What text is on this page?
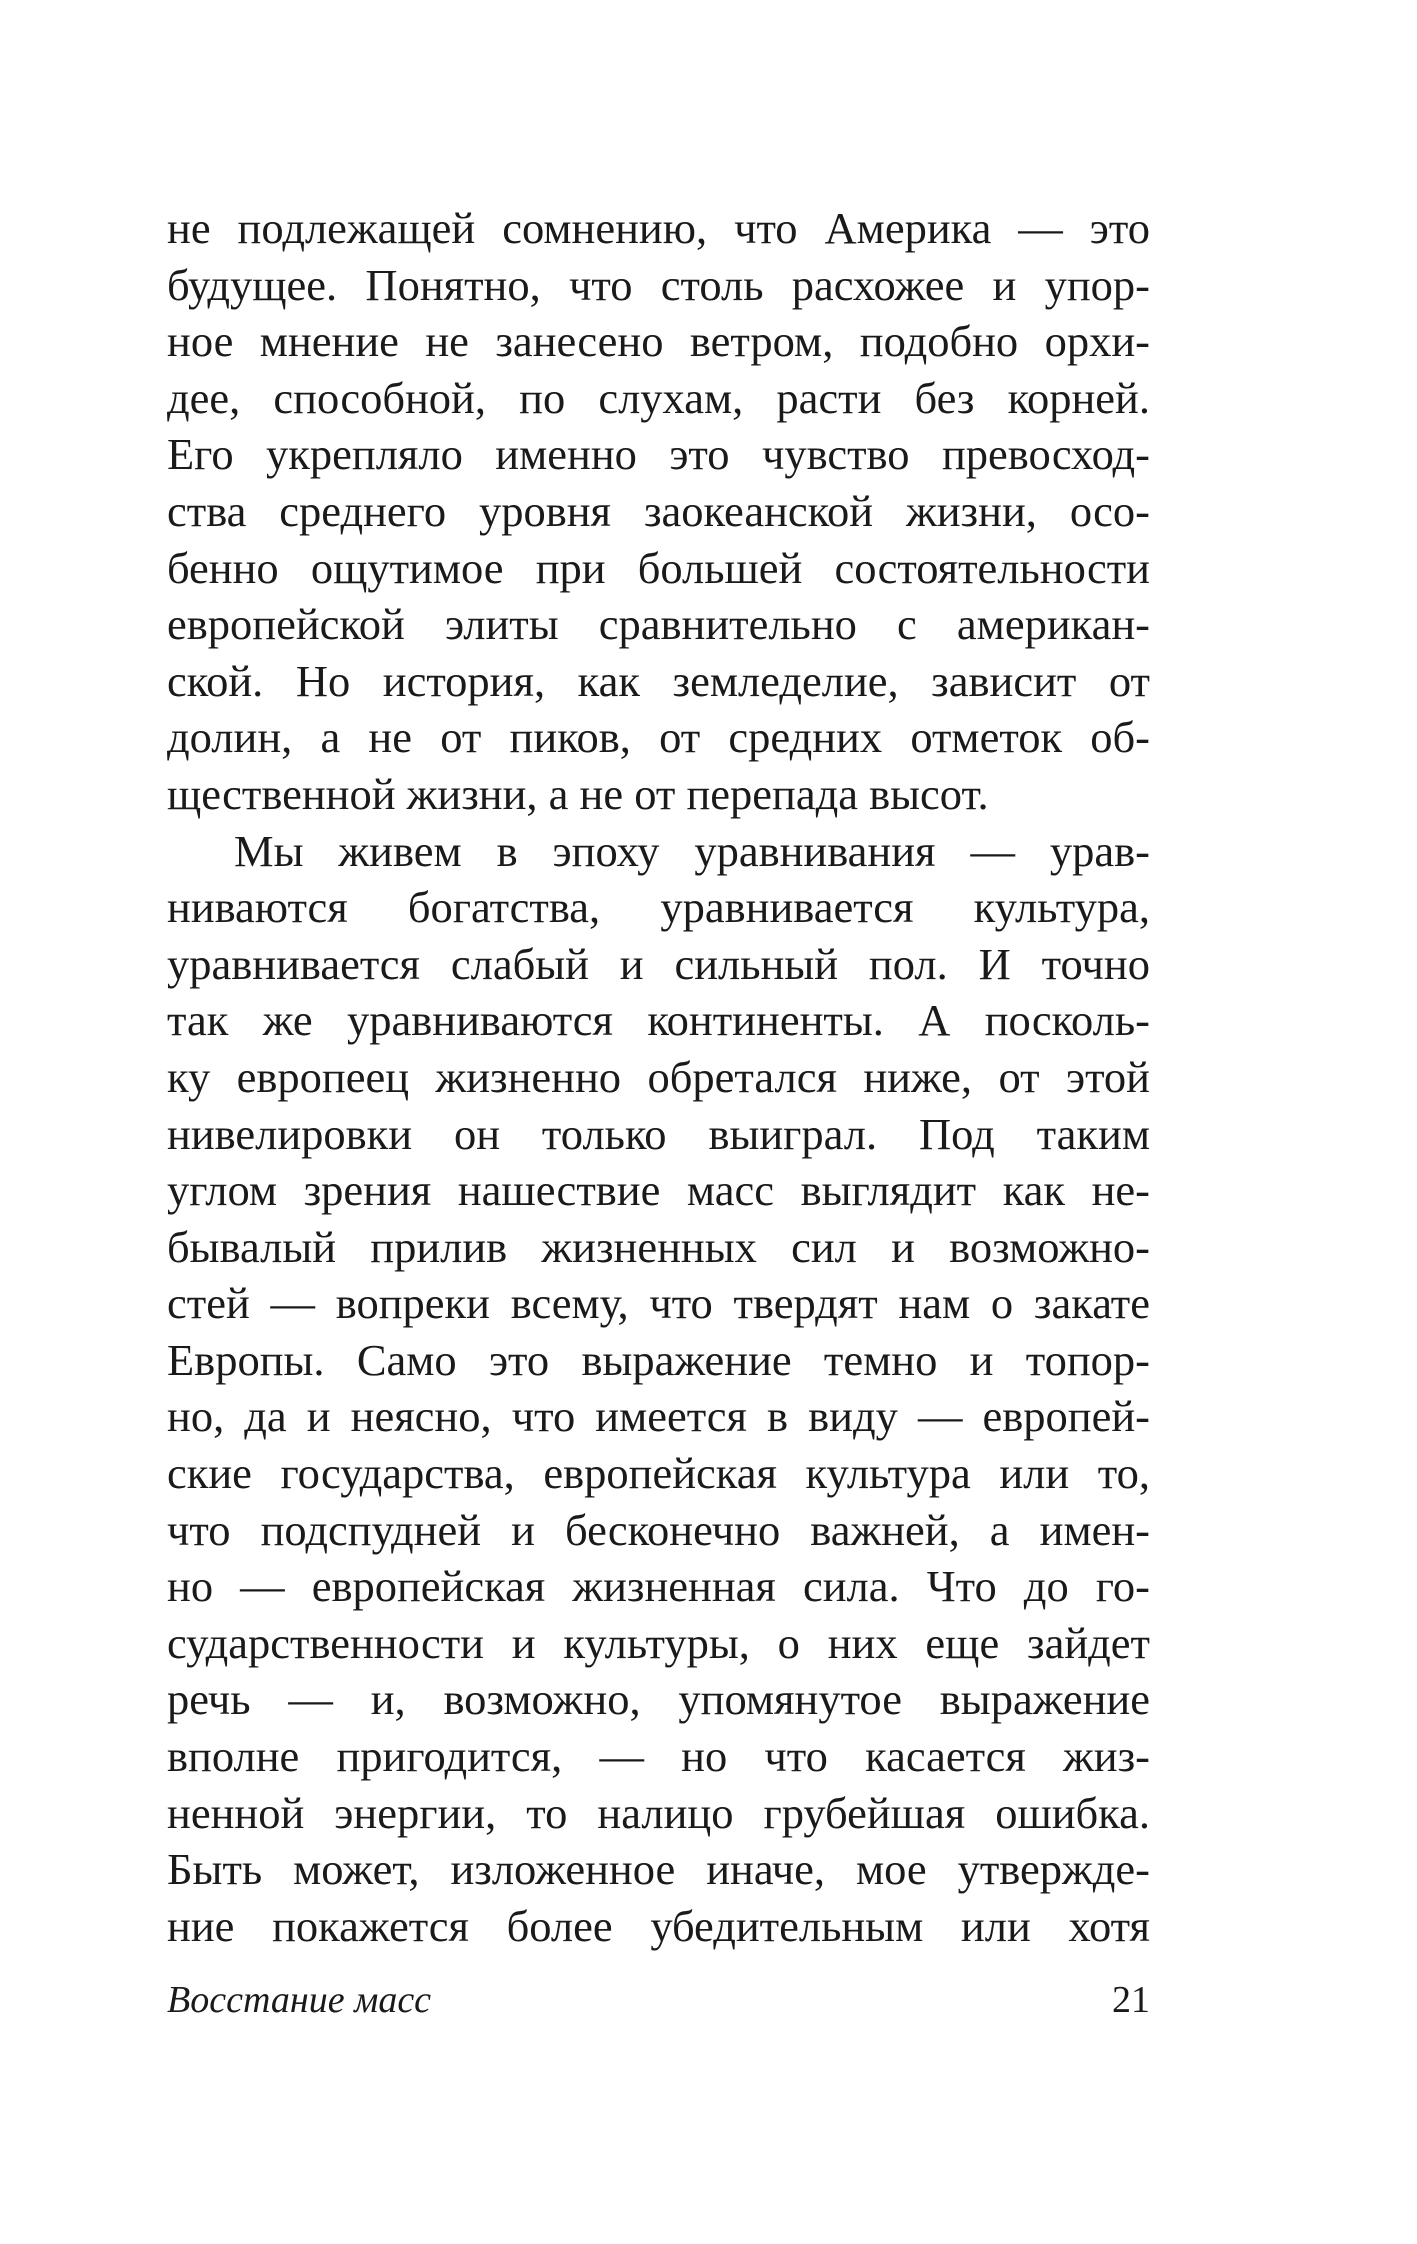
не подлежащей сомнению, что Америка — это
будущее. Понятно, что столь расхожее и упор-
ное мнение не занесено ветром, подобно орхи-
дее, способной, по слухам, расти без корней.
Его укрепляло именно это чувство превосход-
ства среднего уровня заокеанской жизни, осо-
бенно ощутимое при большей состоятельности
европейской элиты сравнительно с американ-
ской. Но история, как земледелие, зависит от
долин, а не от пиков, от средних отметок об-
щественной жизни, а не от перепада высот.
Мы живем в эпоху уравнивания — урав-
ниваются богатства, уравнивается культура,
уравнивается слабый и сильный пол. И точно
так же уравниваются континенты. А посколь-
ку европеец жизненно обретался ниже, от этой
нивелировки он только выиграл. Под таким
углом зрения нашествие масс выглядит как не-
бывалый прилив жизненных сил и возможно-
стей — вопреки всему, что твердят нам о закате
Европы. Само это выражение темно и топор-
но, да и неясно, что имеется в виду — европей-
ские государства, европейская культура или то,
что подспудней и бесконечно важней, а имен-
но — европейская жизненная сила. Что до го-
сударственности и культуры, о них еще зайдет
речь — и, возможно, упомянутое выражение
вполне пригодится, — но что касается жиз-
ненной энергии, то налицо грубейшая ошибка.
Быть может, изложенное иначе, мое утвержде-
ние покажется более убедительным или хотя
Восстание масс	21
